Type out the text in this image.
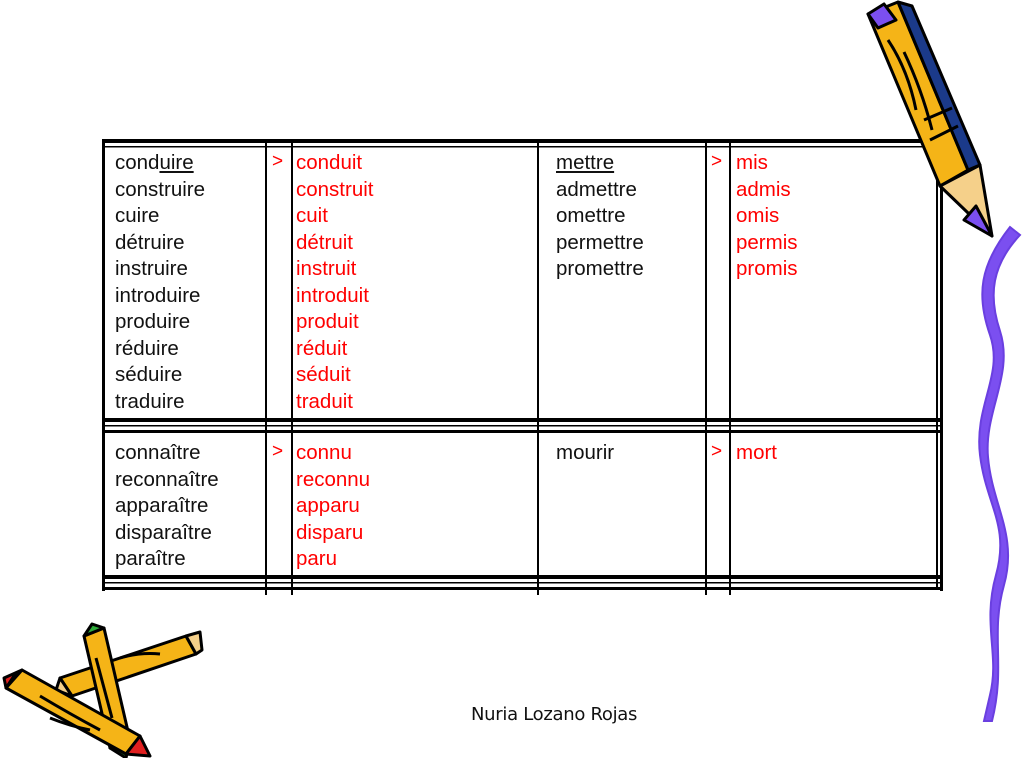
conduire
construire
cuire
détruire
instruire
introduire
produire
réduire
séduire
traduire
> conduit
construit
cuit
détruit
instruit
introduit
produit
réduit
séduit
traduit
mettre
admettre
omettre
permettre
promettre
> mis
admis
omis
permis
promis
connaître
reconnaître
apparaître
disparaître
paraître
> connu
reconnu
apparu
disparu
paru
mourir	> mort
Nuria Lozano Rojas
